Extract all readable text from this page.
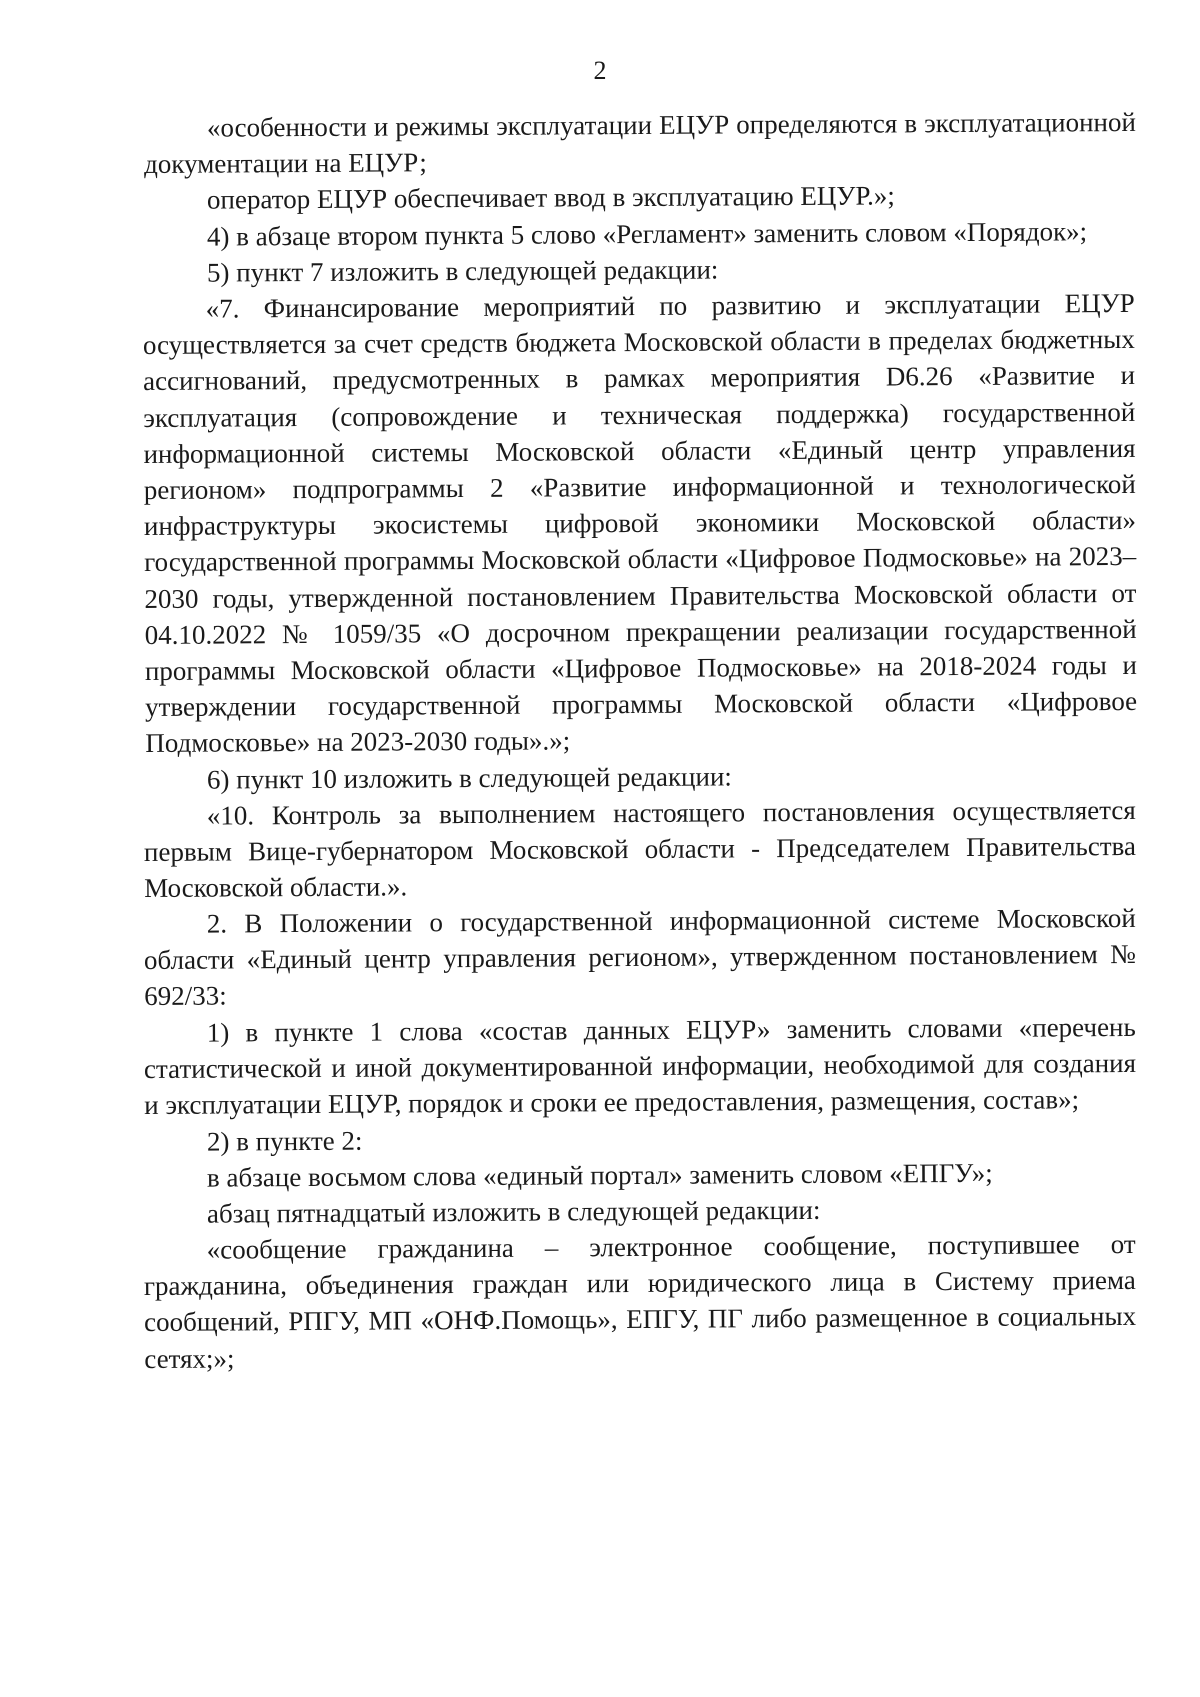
2

«особенности и режимы эксплуатации ЕЦУР определяются в эксплуатационной документации на ЕЦУР;

оператор ЕЦУР обеспечивает ввод в эксплуатацию ЕЦУР.»;

4) в абзаце втором пункта 5 слово «Регламент» заменить словом «Порядок»;

5) пункт 7 изложить в следующей редакции:

«7. Финансирование мероприятий по развитию и эксплуатации ЕЦУР осуществляется за счет средств бюджета Московской области в пределах бюджетных ассигнований, предусмотренных в рамках мероприятия D6.26 «Развитие и эксплуатация (сопровождение и техническая поддержка) государственной информационной системы Московской области «Единый центр управления регионом» подпрограммы 2 «Развитие информационной и технологической инфраструктуры экосистемы цифровой экономики Московской области» государственной программы Московской области «Цифровое Подмосковье» на 2023–2030 годы, утвержденной постановлением Правительства Московской области от 04.10.2022 № 1059/35 «О досрочном прекращении реализации государственной программы Московской области «Цифровое Подмосковье» на 2018-2024 годы и утверждении государственной программы Московской области «Цифровое Подмосковье» на 2023-2030 годы».»;

6) пункт 10 изложить в следующей редакции:

«10. Контроль за выполнением настоящего постановления осуществляется первым Вице-губернатором Московской области - Председателем Правительства Московской области.».

2. В Положении о государственной информационной системе Московской области «Единый центр управления регионом», утвержденном постановлением № 692/33:

1) в пункте 1 слова «состав данных ЕЦУР» заменить словами «перечень статистической и иной документированной информации, необходимой для создания и эксплуатации ЕЦУР, порядок и сроки ее предоставления, размещения, состав»;

2) в пункте 2:

в абзаце восьмом слова «единый портал» заменить словом «ЕПГУ»;

абзац пятнадцатый изложить в следующей редакции:

«сообщение гражданина – электронное сообщение, поступившее от гражданина, объединения граждан или юридического лица в Систему приема сообщений, РПГУ, МП «ОНФ.Помощь», ЕПГУ, ПГ либо размещенное в социальных сетях;»;
